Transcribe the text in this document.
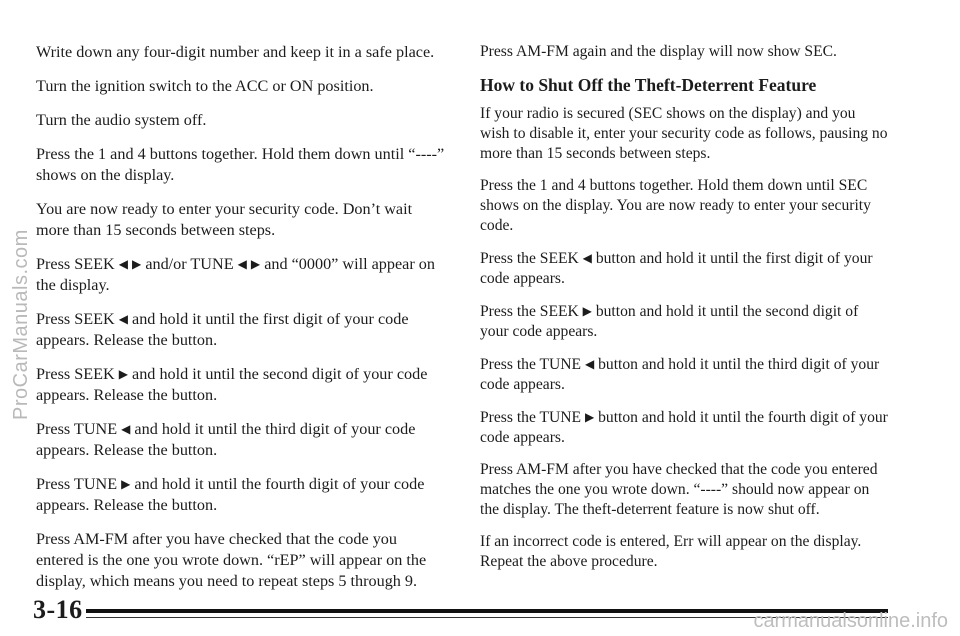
Write down any four-digit number and keep it in a safe place.

Turn the ignition switch to the ACC or ON position.

Turn the audio system off.

Press the 1 and 4 buttons together. Hold them down until “----” shows on the display.

You are now ready to enter your security code. Don’t wait more than 15 seconds between steps.

Press SEEK ◀ ▶ and/or TUNE ◀ ▶ and “0000” will appear on the display.

Press SEEK ◀ and hold it until the first digit of your code appears. Release the button.

Press SEEK ▶ and hold it until the second digit of your code appears. Release the button.

Press TUNE ◀ and hold it until the third digit of your code appears. Release the button.

Press TUNE ▶ and hold it until the fourth digit of your code appears. Release the button.

Press AM-FM after you have checked that the code you entered is the one you wrote down. “rEP” will appear on the display, which means you need to repeat steps 5 through 9.

Press AM-FM again and the display will now show SEC.

How to Shut Off the Theft-Deterrent Feature

If your radio is secured (SEC shows on the display) and you wish to disable it, enter your security code as follows, pausing no more than 15 seconds between steps.

Press the 1 and 4 buttons together. Hold them down until SEC shows on the display. You are now ready to enter your security code.

Press the SEEK ◀ button and hold it until the first digit of your code appears.

Press the SEEK ▶ button and hold it until the second digit of your code appears.

Press the TUNE ◀ button and hold it until the third digit of your code appears.

Press the TUNE ▶ button and hold it until the fourth digit of your code appears.

Press AM-FM after you have checked that the code you entered matches the one you wrote down. “----” should now appear on the display. The theft-deterrent feature is now shut off.

If an incorrect code is entered, Err will appear on the display. Repeat the above procedure.

3-16
ProCarManuals.com
carmanualsonline.info
